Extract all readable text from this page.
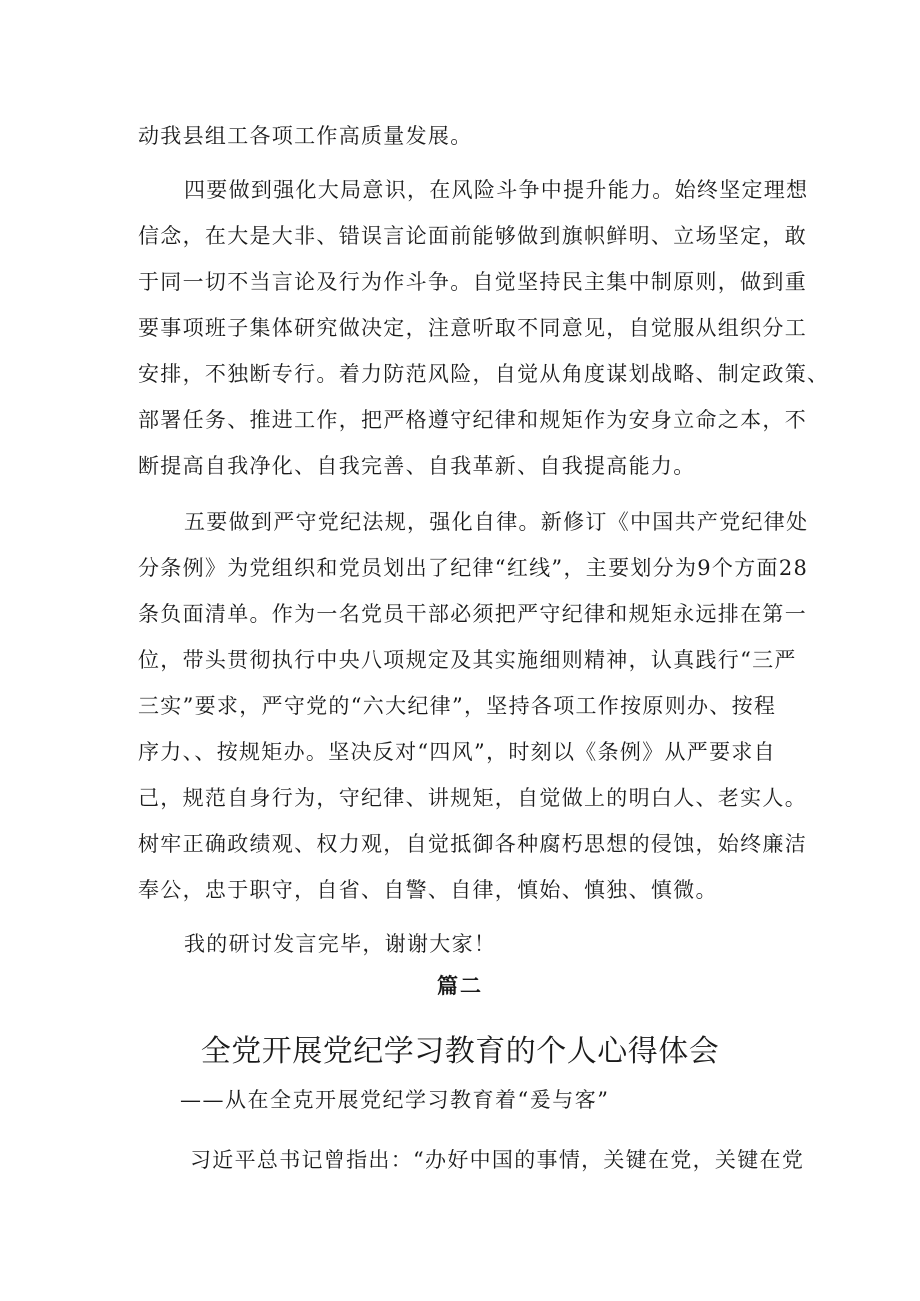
动我县组工各项工作高质量发展。
四要做到强化大局意识，在风险斗争中提升能力。始终坚定理想
信念，在大是大非、错误言论面前能够做到旗帜鲜明、立场坚定，敢
于同一切不当言论及行为作斗争。自觉坚持民主集中制原则，做到重
要事项班子集体研究做决定，注意听取不同意见，自觉服从组织分工
安排，不独断专行。着力防范风险，自觉从角度谋划战略、制定政策、
部署任务、推进工作，把严格遵守纪律和规矩作为安身立命之本，不
断提高自我净化、自我完善、自我革新、自我提高能力。
五要做到严守党纪法规，强化自律。新修订《中国共产党纪律处
分条例》为党组织和党员划出了纪律“红线”，主要划分为9个方面28
条负面清单。作为一名党员干部必须把严守纪律和规矩永远排在第一
位，带头贯彻执行中央八项规定及其实施细则精神，认真践行“三严
三实”要求，严守党的“六大纪律”，坚持各项工作按原则办、按程
序力、、按规矩办。坚决反对“四风”，时刻以《条例》从严要求自
己，规范自身行为，守纪律、讲规矩，自觉做上的明白人、老实人。
树牢正确政绩观、权力观，自觉抵御各种腐朽思想的侵蚀，始终廉洁
奉公，忠于职守，自省、自警、自律，慎始、慎独、慎微。
我的研讨发言完毕，谢谢大家！
篇二
全党开展党纪学习教育的个人心得体会
——从在全克开展党纪学习教育着“爰与客”
习近平总书记曾指出：“办好中国的事情，关键在党，关键在党
